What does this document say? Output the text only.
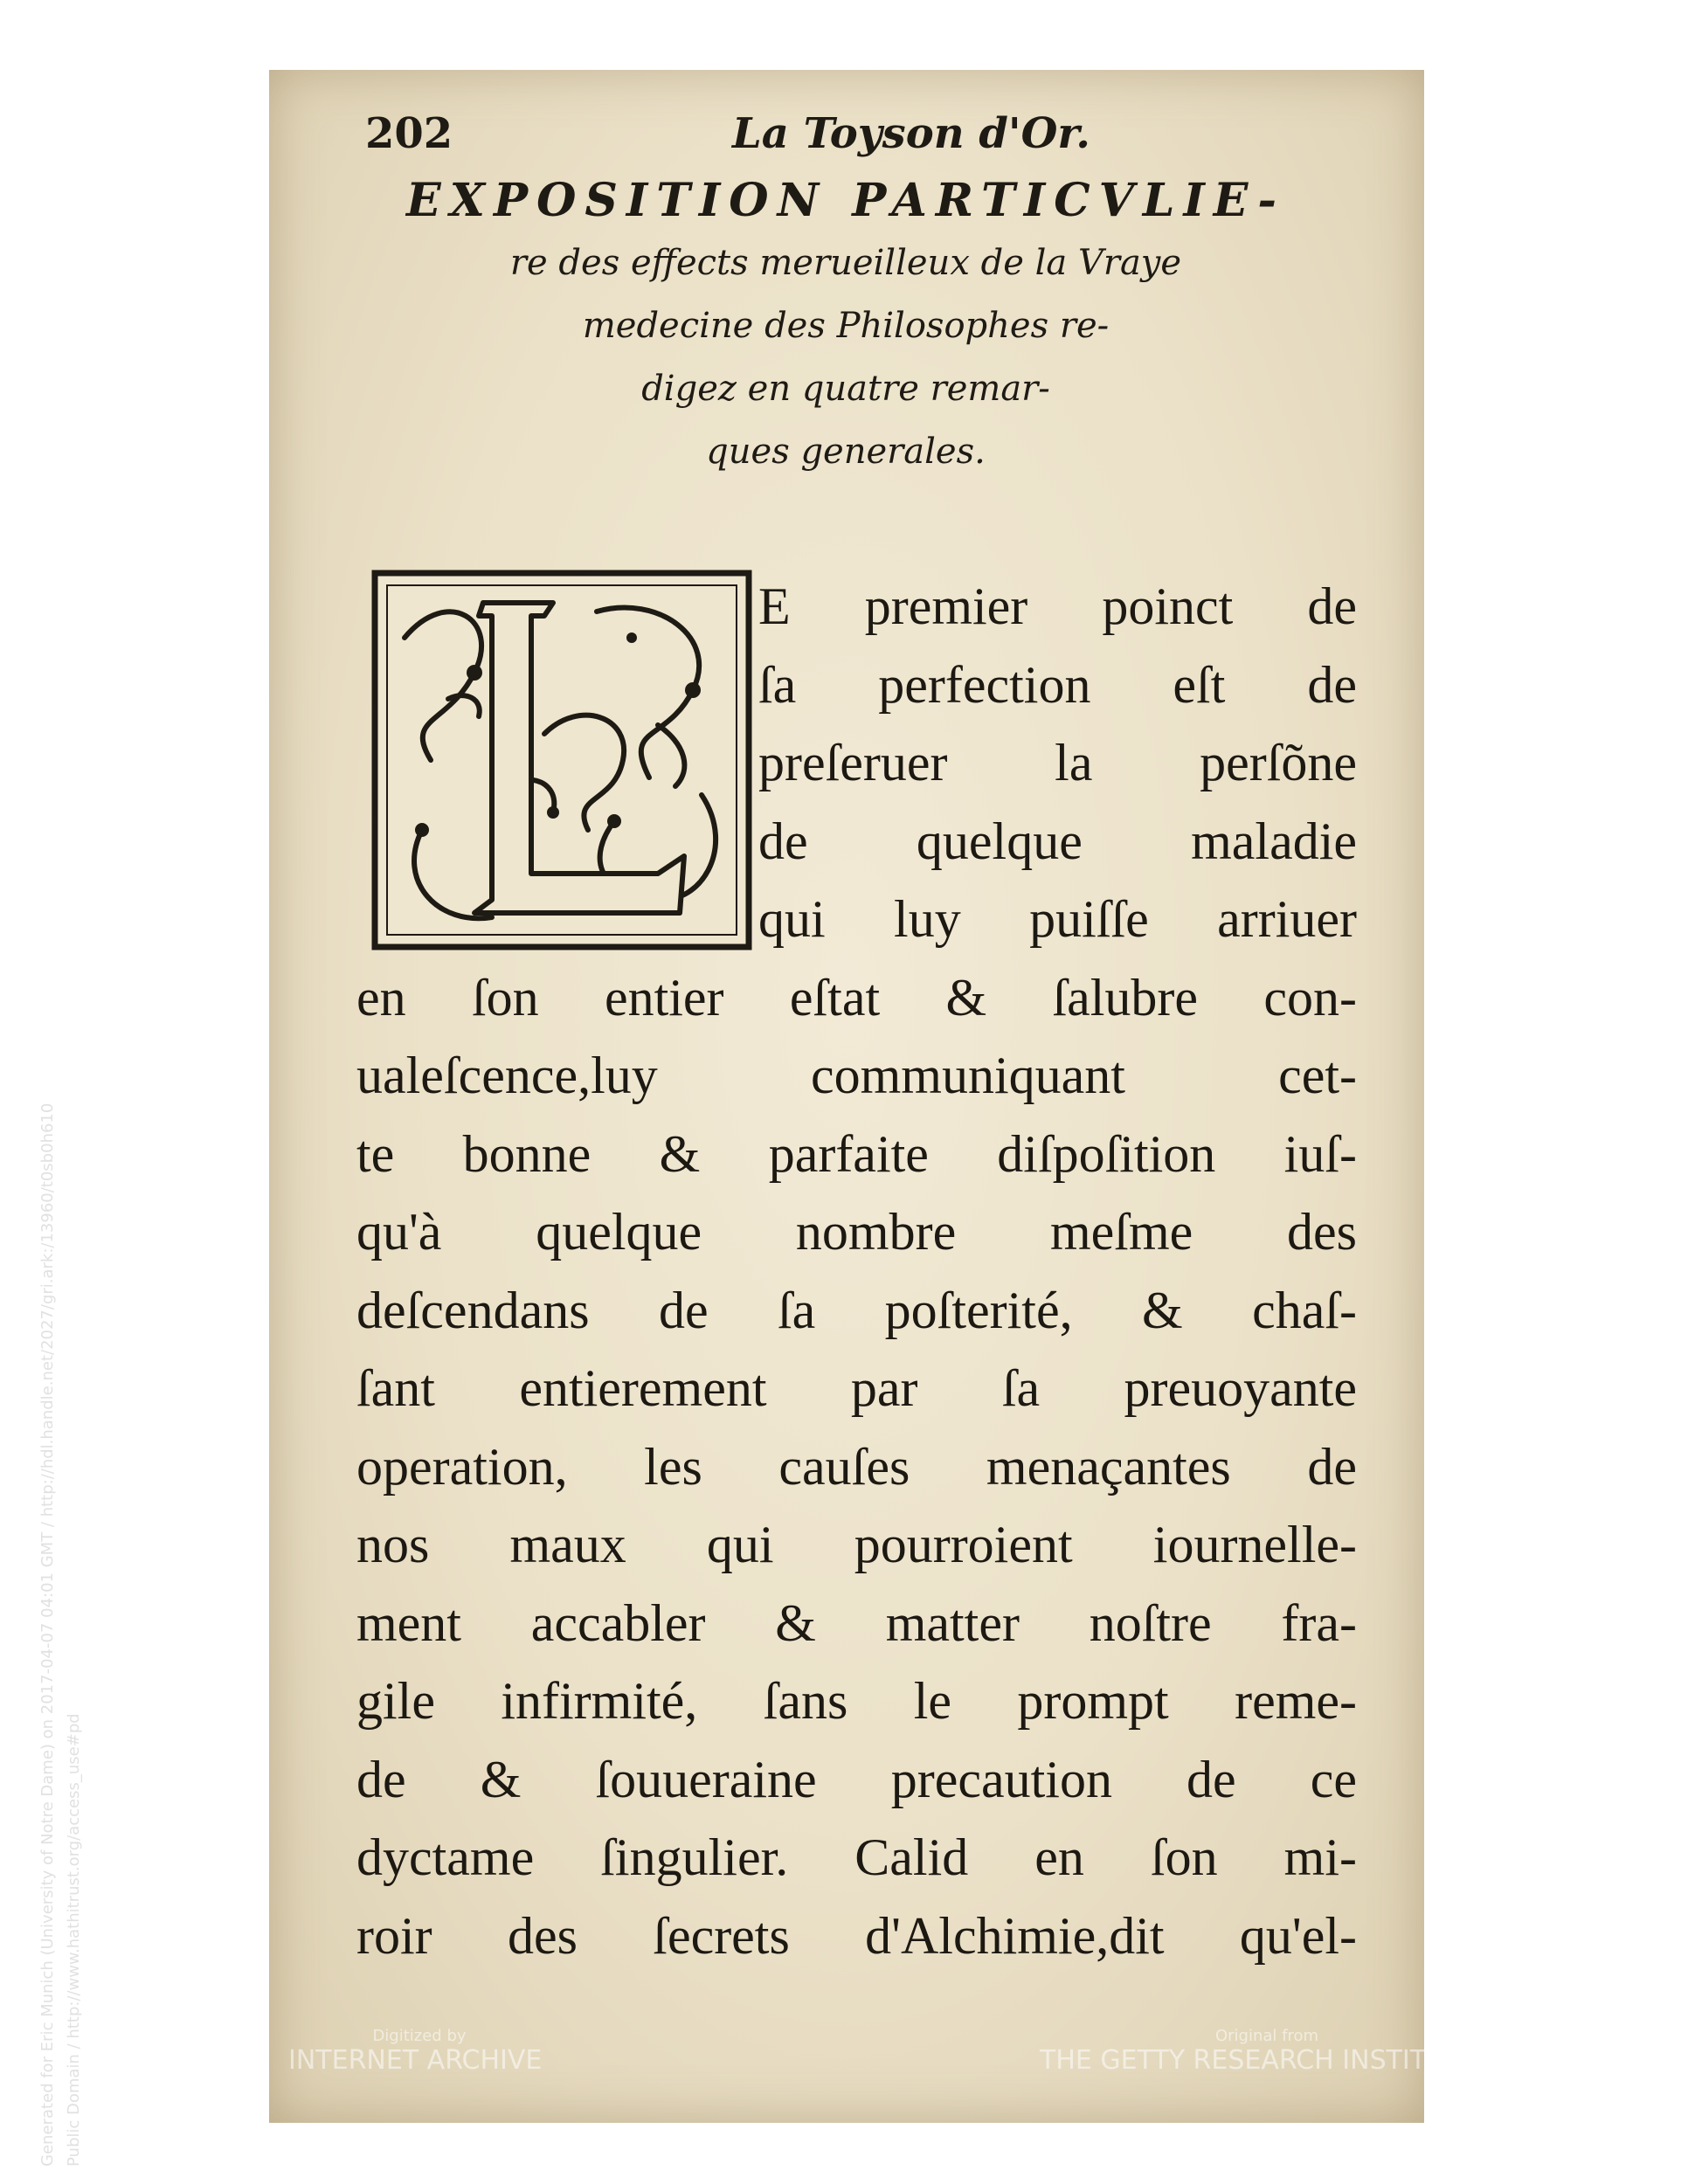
Generated for Eric Munich (University of Notre Dame) on 2017-04-07 04:01 GMT / http://hdl.handle.net/2027/gri.ark:/13960/t0sb0h610 Public Domain / http://www.hathitrust.org/access_use#pd
202	La Toyson d'Or.
EXPOSITION PARTICVLIE-
re des effects merueilleux de la Vraye
medecine des Philosophes re-
digez en quatre remar-
ques generales.
L
E premier poinct de
ſa perfection eſt de
preſeruer la perſõne
de quelque maladie
qui luy puiſſe arriuer
en ſon entier eſtat & ſalubre con-
ualeſcence,luy communiquant cet-
te bonne & parfaite diſpoſition iuſ-
qu'à quelque nombre meſme des
deſcendans de ſa poſterité, & chaſ-
ſant entierement par ſa preuoyante
operation, les cauſes menaçantes de
nos maux qui pourroient iournelle-
ment accabler & matter noſtre fra-
gile infirmité, ſans le prompt reme-
de & ſouueraine precaution de ce
dyctame ſingulier. Calid en ſon mi-
roir des ſecrets d'Alchimie,dit qu'el-
Digitized by
INTERNET ARCHIVE
Original from
THE GETTY RESEARCH INSTITUTE
